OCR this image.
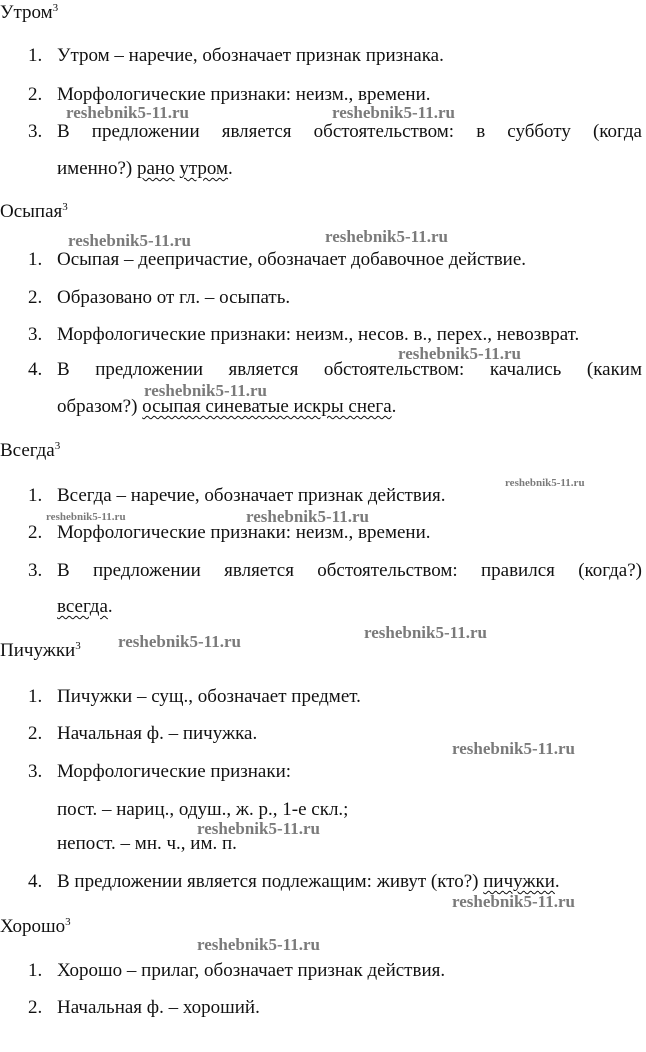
Утром$^3$
1. Утром – наречие, обозначает признак признака.
2. Морфологические признаки: неизм., времени.
3. В предложении является обстоятельством: в субботу (когда
именно?) рано утром.
Осыпая$^3$
1. Осыпая – деепричастие, обозначает добавочное действие.
2. Образовано от гл. – осыпать.
3. Морфологические признаки: неизм., несов. в., перех., невозврат.
4. В предложении является обстоятельством: качались (каким
образом?) осыпая синеватые искры снега.
Всегда$^3$
1. Всегда – наречие, обозначает признак действия.
2. Морфологические признаки: неизм., времени.
3. В предложении является обстоятельством: правился (когда?)
всегда.
Пичужки$^3$
1. Пичужки – сущ., обозначает предмет.
2. Начальная ф. – пичужка.
3. Морфологические признаки:
пост. – нариц., одуш., ж. р., 1-е скл.;
непост. – мн. ч., им. п.
4. В предложении является подлежащим: живут (кто?) пичужки.
Хорошо$^3$
1. Хорошо – прилаг, обозначает признак действия.
2. Начальная ф. – хороший.
reshebnik5-11.ru	reshebnik5-11.ru
reshebnik5-11.ru	reshebnik5-11.ru
reshebnik5-11.ru
reshebnik5-11.ru
reshebnik5-11.ru
reshebnik5-11.ru	reshebnik5-11.ru
reshebnik5-11.ru	reshebnik5-11.ru
reshebnik5-11.ru
reshebnik5-11.ru
reshebnik5-11.ru
reshebnik5-11.ru
